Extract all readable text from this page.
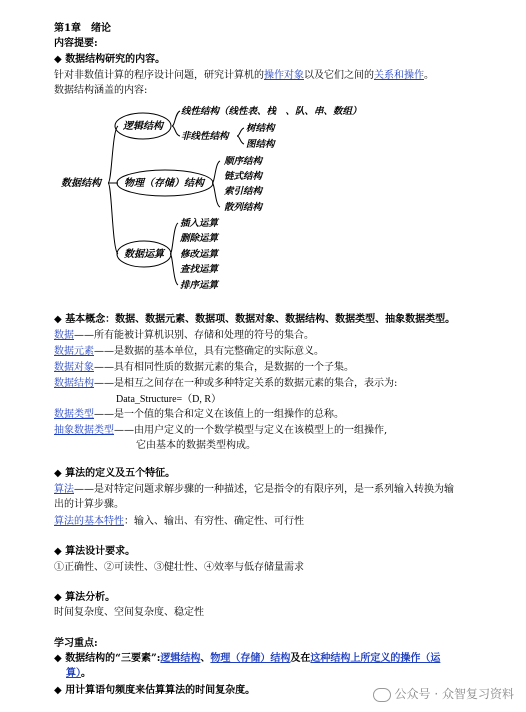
第1章　绪论
内容提要:
◆ 数据结构研究的内容。
针对非数值计算的程序设计问题，研究计算机的操作对象以及它们之间的关系和操作。
数据结构涵盖的内容:
数据结构
逻辑结构
线性结构（线性表、栈　、队、串、数组）
非线性结构
树结构
图结构
物理（存储）结构
顺序结构
链式结构
索引结构
散列结构
数据运算
插入运算
删除运算
修改运算
查找运算
排序运算
◆ 基本概念：数据、数据元素、数据项、数据对象、数据结构、数据类型、抽象数据类型。
数据——所有能被计算机识别、存储和处理的符号的集合。
数据元素——是数据的基本单位，具有完整确定的实际意义。
数据对象——具有相同性质的数据元素的集合，是数据的一个子集。
数据结构——是相互之间存在一种或多种特定关系的数据元素的集合，表示为:
Data_Structure=（D, R）
数据类型——是一个值的集合和定义在该值上的一组操作的总称。
抽象数据类型——由用户定义的一个数学模型与定义在该模型上的一组操作,
它由基本的数据类型构成。
◆ 算法的定义及五个特征。
算法——是对特定问题求解步骤的一种描述，它是指令的有限序列，是一系列输入转换为输
出的计算步骤。
算法的基本特性：输入、输出、有穷性、确定性、可行性
◆ 算法设计要求。
①正确性、②可读性、③健壮性、④效率与低存储量需求
◆ 算法分析。
时间复杂度、空间复杂度、稳定性
学习重点:
◆ 数据结构的“三要素”:逻辑结构、物理（存储）结构及在这种结构上所定义的操作（运
算）。
◆ 用计算语句频度来估算算法的时间复杂度。	公众号 · 众智复习资料
